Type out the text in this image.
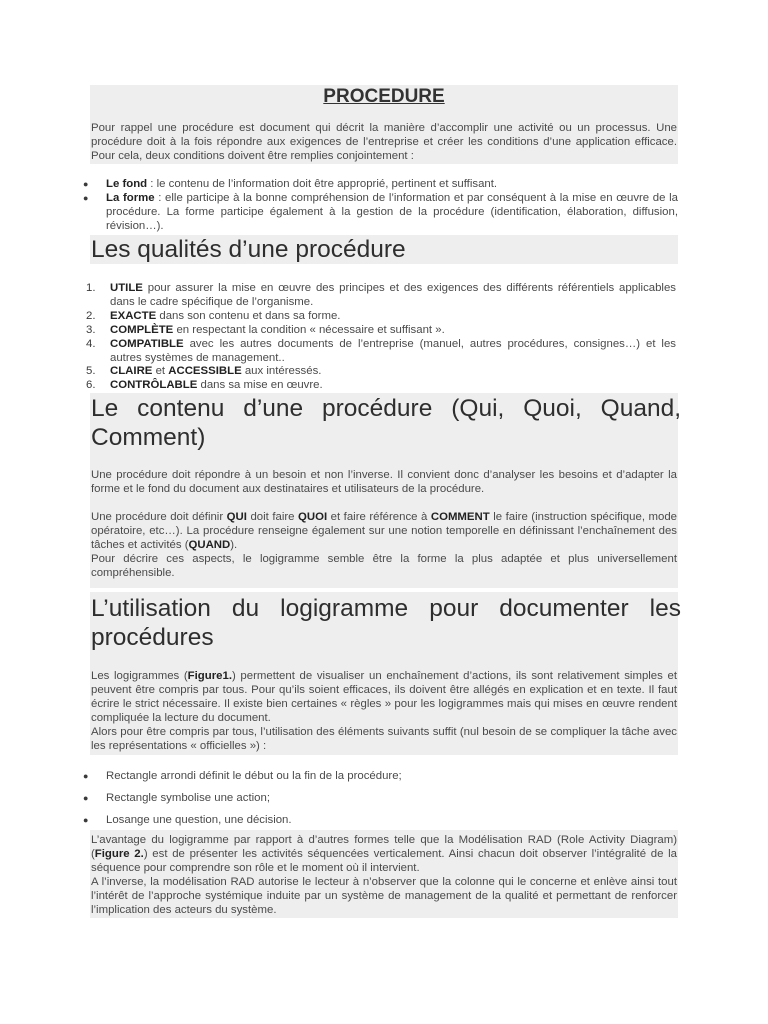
PROCEDURE

Pour rappel une procédure est document qui décrit la manière d’accomplir une activité ou un processus. Une procédure doit à la fois répondre aux exigences de l’entreprise et créer les conditions d’une application efficace. Pour cela, deux conditions doivent être remplies conjointement :

● Le fond : le contenu de l’information doit être approprié, pertinent et suffisant.
● La forme : elle participe à la bonne compréhension de l’information et par conséquent à la mise en œuvre de la procédure. La forme participe également à la gestion de la procédure (identification, élaboration, diffusion, révision…).
Les qualités d’une procédure
1. UTILE pour assurer la mise en œuvre des principes et des exigences des différents référentiels applicables dans le cadre spécifique de l’organisme.
2. EXACTE dans son contenu et dans sa forme.
3. COMPLÈTE en respectant la condition « nécessaire et suffisant ».
4. COMPATIBLE avec les autres documents de l’entreprise (manuel, autres procédures, consignes…) et les autres systèmes de management..
5. CLAIRE et ACCESSIBLE aux intéressés.
6. CONTRÔLABLE dans sa mise en œuvre.
Le contenu d’une procédure (Qui, Quoi, Quand, Comment)
Une procédure doit répondre à un besoin et non l’inverse. Il convient donc d’analyser les besoins et d’adapter la forme et le fond du document aux destinataires et utilisateurs de la procédure.
Une procédure doit définir QUI doit faire QUOI et faire référence à COMMENT le faire (instruction spécifique, mode opératoire, etc…). La procédure renseigne également sur une notion temporelle en définissant l’enchaînement des tâches et activités (QUAND).
Pour décrire ces aspects, le logigramme semble être la forme la plus adaptée et plus universellement compréhensible.
L’utilisation du logigramme pour documenter les procédures
Les logigrammes (Figure1.) permettent de visualiser un enchaînement d’actions, ils sont relativement simples et peuvent être compris par tous. Pour qu’ils soient efficaces, ils doivent être allégés en explication et en texte. Il faut écrire le strict nécessaire. Il existe bien certaines « règles » pour les logigrammes mais qui mises en œuvre rendent compliquée la lecture du document.
Alors pour être compris par tous, l’utilisation des éléments suivants suffit (nul besoin de se compliquer la tâche avec les représentations « officielles ») :
● Rectangle arrondi définit le début ou la fin de la procédure;
● Rectangle symbolise une action;
● Losange une question, une décision.
L’avantage du logigramme par rapport à d’autres formes telle que la Modélisation RAD (Role Activity Diagram) (Figure 2.) est de présenter les activités séquencées verticalement. Ainsi chacun doit observer l’intégralité de la séquence pour comprendre son rôle et le moment où il intervient.
A l’inverse, la modélisation RAD autorise le lecteur à n’observer que la colonne qui le concerne et enlève ainsi tout l’intérêt de l’approche systémique induite par un système de management de la qualité et permettant de renforcer l’implication des acteurs du système.
